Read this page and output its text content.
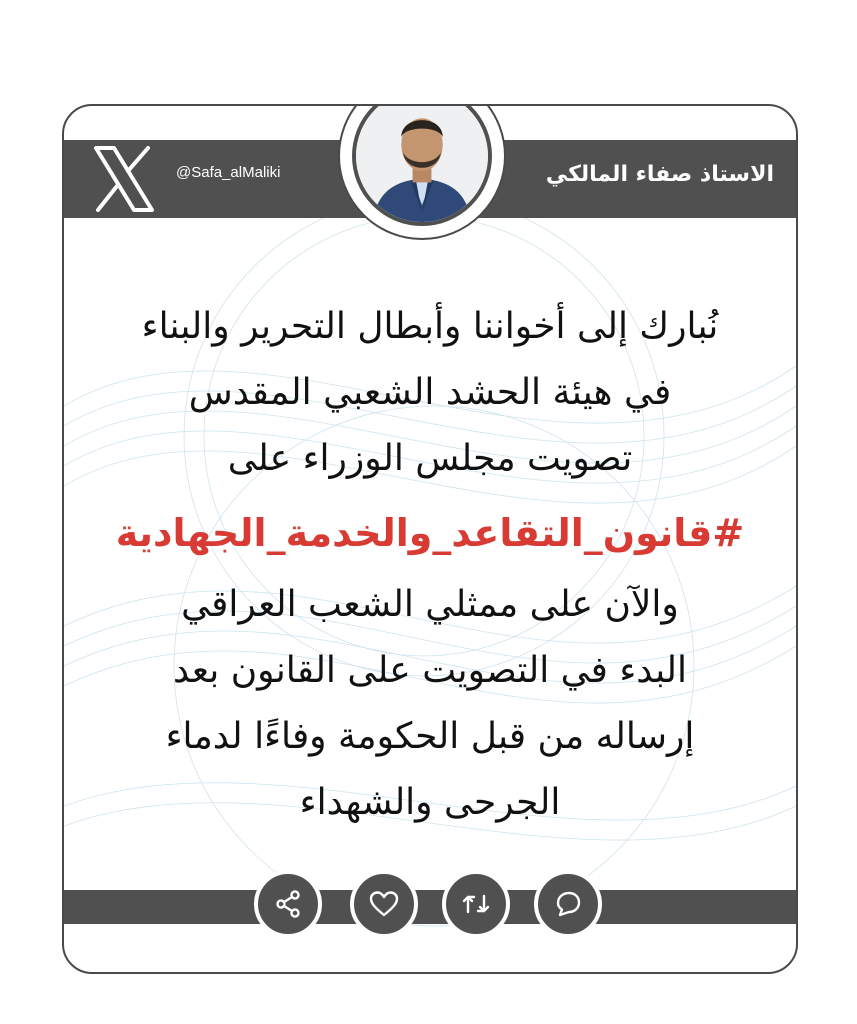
@Safa_alMaliki	الاستاذ صفاء المالكي
نُبارك إلى أخواننا وأبطال التحرير والبناء
في هيئة الحشد الشعبي المقدس
تصويت مجلس الوزراء على
#قانون_التقاعد_والخدمة_الجهادية
والآن على ممثلي الشعب العراقي
البدء في التصويت على القانون بعد
إرساله من قبل الحكومة وفاءًا لدماء
الجرحى والشهداء
